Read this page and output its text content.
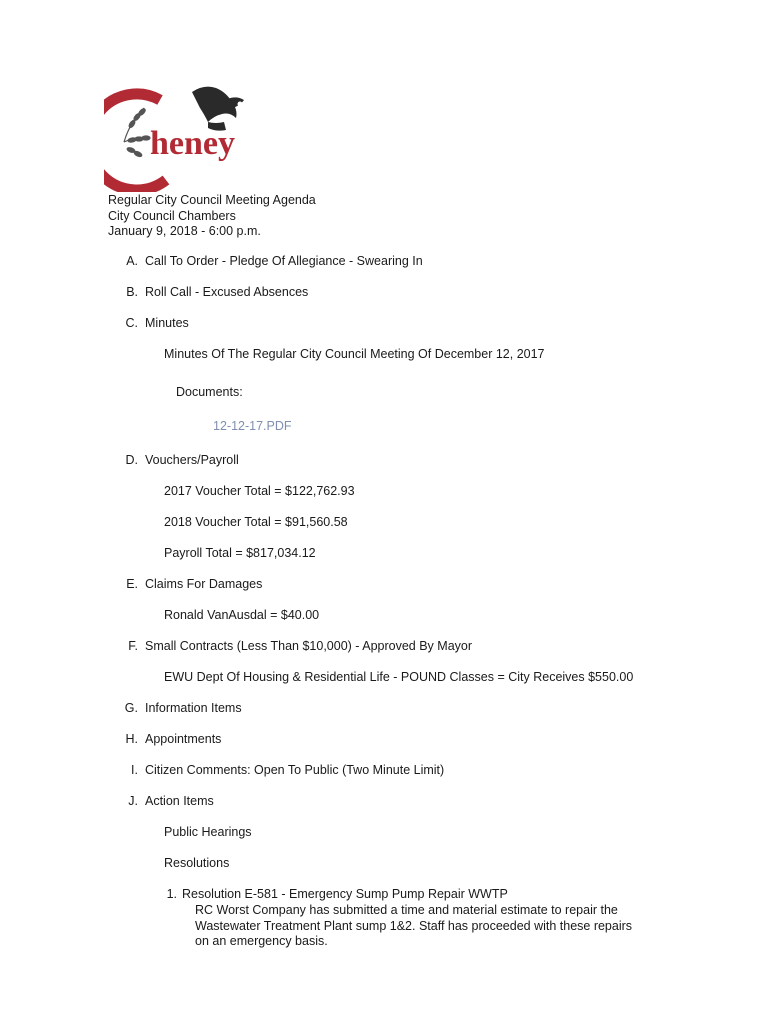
heney
Regular City Council Meeting Agenda
City Council Chambers
January 9, 2018 - 6:00 p.m.
A. Call To Order - Pledge Of Allegiance - Swearing In
B. Roll Call - Excused Absences
C. Minutes
Minutes Of The Regular City Council Meeting Of December 12, 2017
Documents:
12-12-17.PDF
D. Vouchers/Payroll
2017 Voucher Total = $122,762.93
2018 Voucher Total = $91,560.58
Payroll Total = $817,034.12
E. Claims For Damages
Ronald VanAusdal = $40.00
F. Small Contracts (Less Than $10,000) - Approved By Mayor
EWU Dept Of Housing & Residential Life - POUND Classes = City Receives $550.00
G. Information Items
H. Appointments
I. Citizen Comments: Open To Public (Two Minute Limit)
J. Action Items
Public Hearings
Resolutions
1. Resolution E-581 - Emergency Sump Pump Repair WWTP
RC Worst Company has submitted a time and material estimate to repair the
Wastewater Treatment Plant sump 1&2. Staff has proceeded with these repairs
on an emergency basis.
